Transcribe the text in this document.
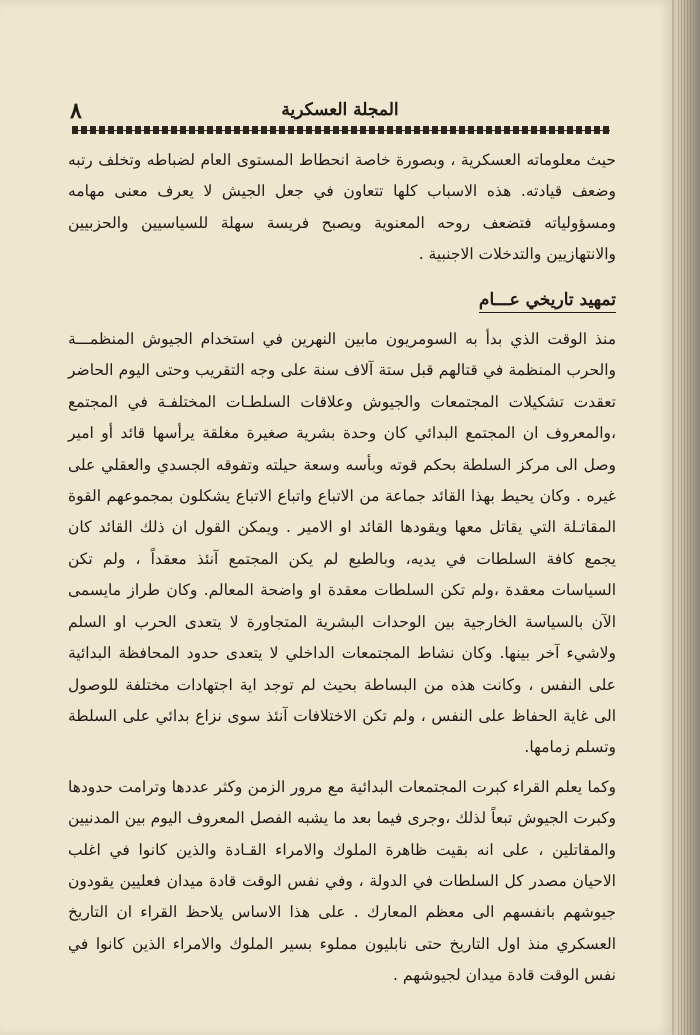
٨	المجلة العسكرية

حيث معلوماته العسكرية ، وبصورة خاصة انحطاط المستوى العام لضباطه وتخلف رتبه وضعف قيادته. هذه الاسباب كلها تتعاون في جعل الجيش لا يعرف معنى مهامه ومسؤولياته فتضعف روحه المعنوية ويصبح فريسة سهلة للسياسيين والحزبيين والانتهازيين والتدخلات الاجنبية .

تمهيد تاريخي عـــام

منذ الوقت الذي بدأ به السومريون مابين النهرين في استخدام الجيوش المنظمـــة والحرب المنظمة في قتالهم قبل ستة آلاف سنة على وجه التقريب وحتى اليوم الحاضر تعقدت تشكيلات المجتمعات والجيوش وعلاقات السلطـات المختلفـة في المجتمع ،والمعروف ان المجتمع البدائي كان وحدة بشرية صغيرة مغلقة يرأسها قائد أو امير وصل الى مركز السلطة بحكم قوته وبأسه وسعة حيلته وتفوقه الجسدي والعقلي على غيره . وكان يحيط بهذا القائد جماعة من الاتباع واتباع الاتباع يشكلون بمجموعهم القوة المقاتـلة التي يقاتل معها ويقودها القائد او الامير . ويمكن القول ان ذلك القائد كان يجمع كافة السلطات في يديه، وبالطبع لم يكن المجتمع آنئذ معقداً ، ولم تكن السياسات معقدة ،ولم تكن السلطات معقدة او واضحة المعالم. وكان طراز مايسمى الآن بالسياسة الخارجية بين الوحدات البشرية المتجاورة لا يتعدى الحرب او السلم ولاشيء آخر بينها. وكان نشاط المجتمعات الداخلي لا يتعدى حدود المحافظة البدائية على النفس ، وكانت هذه من البساطة بحيث لم توجد اية اجتهادات مختلفة للوصول الى غاية الحفاظ على النفس ، ولم تكن الاختلافات آنئذ سوى نزاع بدائي على السلطة وتسلم زمامها.

وكما يعلم القراء كبرت المجتمعات البدائية مع مرور الزمن وكثر عددها وترامت حدودها وكبرت الجيوش تبعاً لذلك ،وجرى فيما بعد ما يشبه الفصل المعروف اليوم بين المدنيين والمقاتلين ، على انه بقيت ظاهرة الملوك والامراء القـادة والذين كانوا في اغلب الاحيان مصدر كل السلطات في الدولة ، وفي نفس الوقت قادة ميدان فعليين يقودون جيوشهم بانفسهم الى معظم المعارك . على هذا الاساس يلاحظ القراء ان التاريخ العسكري منذ اول التاريخ حتى نابليون مملوء بسير الملوك والامراء الذين كانوا في نفس الوقت قادة ميدان لجيوشهم .
